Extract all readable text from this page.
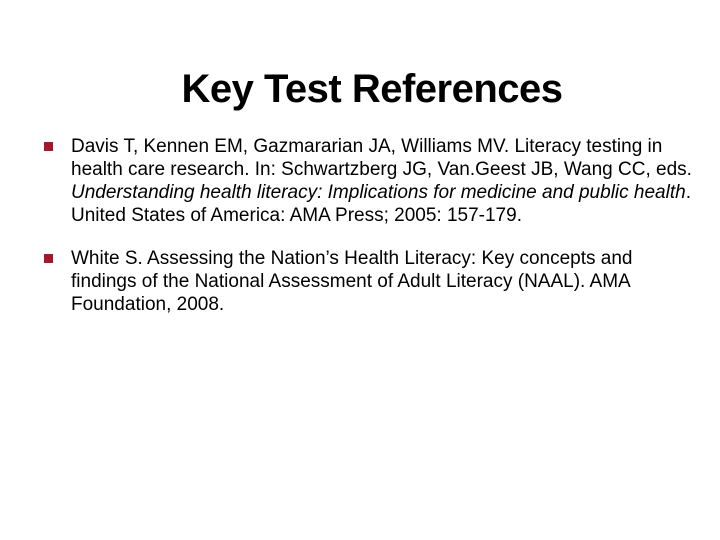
Key Test References
Davis T, Kennen EM, Gazmararian JA, Williams MV. Literacy testing in health care research. In: Schwartzberg JG, Van.Geest JB, Wang CC, eds. Understanding health literacy: Implications for medicine and public health. United States of America: AMA Press; 2005: 157-179.
White S. Assessing the Nation’s Health Literacy: Key concepts and findings of the National Assessment of Adult Literacy (NAAL). AMA Foundation, 2008.
